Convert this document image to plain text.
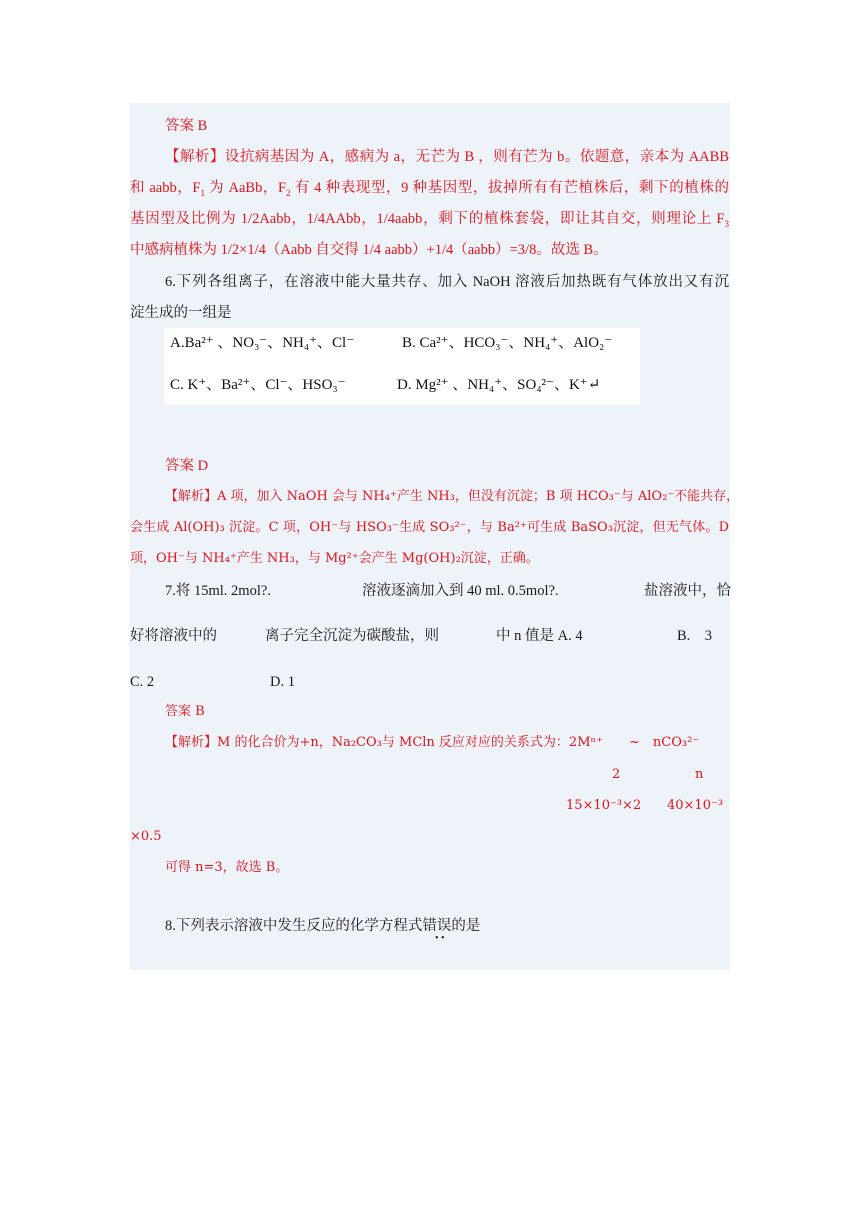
答案 B
【解析】设抗病基因为 A，感病为 a，无芒为 B ，则有芒为 b。依题意，亲本为 AABB
和 aabb，$F_1$ 为 AaBb，$F_2$ 有 4 种表现型，9 种基因型，拔掉所有有芒植株后，剩下的植株的
基因型及比例为 1/2Aabb，1/4AAbb，1/4aabb，剩下的植株套袋，即让其自交，则理论上 $F_3$
中感病植株为 1/2×1/4（Aabb 自交得 1/4 aabb）+1/4（aabb）=3/8。故选 B。
6.下列各组离子，在溶液中能大量共存、加入 NaOH 溶液后加热既有气体放出又有沉
淀生成的一组是
A.Ba²⁺ 、NO₃⁻、NH₄⁺、Cl⁻	B. Ca²⁺、HCO₃⁻、NH₄⁺、AlO₂⁻
C. K⁺、Ba²⁺、Cl⁻、HSO₃⁻	D. Mg²⁺ 、NH₄⁺、SO₄²⁻、K⁺↵
答案 D
【解析】A 项，加入 NaOH 会与 NH₄⁺产生 NH₃，但没有沉淀；B 项 HCO₃⁻与 AlO₂⁻不能共存，
会生成 Al(OH)₃ 沉淀。C 项，OH⁻与 HSO₃⁻生成 SO₃²⁻，与 Ba²⁺可生成 BaSO₃沉淀，但无气体。D
项，OH⁻与 NH₄⁺产生 NH₃，与 Mg²⁺会产生 Mg(OH)₂沉淀，正确。
7.将 15ml. 2mol?.	溶液逐滴加入到 40 ml. 0.5mol?.	盐溶液中，恰
好将溶液中的	离子完全沉淀为碳酸盐，则	中 n 值是 A. 4	B.　3
C. 2	D. 1
答案 B
【解析】M 的化合价为+n，Na₂CO₃与 MCln 反应对应的关系式为：2Mⁿ⁺　　~　nCO₃²⁻
2	n
15×10⁻³×2 40×10⁻³
×0.5
可得 n=3，故选 B。
8.下列表示溶液中发生反应的化学方程式错误的是
• •
